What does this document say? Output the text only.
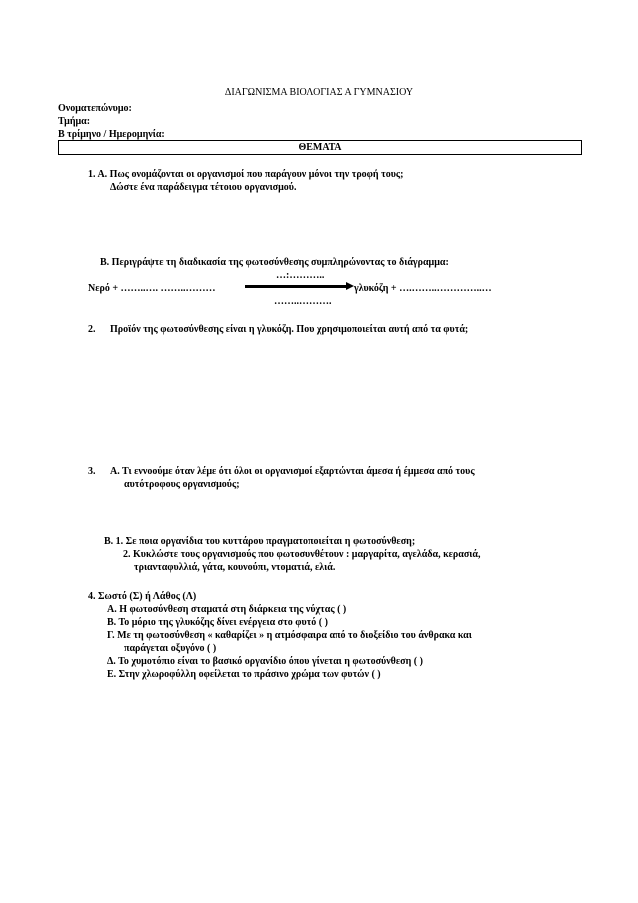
ΔΙΑΓΩΝΙΣΜΑ ΒΙΟΛΟΓΙΑΣ Α ΓΥΜΝΑΣΙΟΥ

Ονοματεπώνυμο:

Τμήμα:

Β τρίμηνο / Ημερομηνία:

ΘΕΜΑΤΑ

1. Α. Πως ονομάζονται οι οργανισμοί που παράγουν μόνοι την τροφή τους;

Δώστε ένα παράδειγμα τέτοιου οργανισμού.

Β. Περιγράψτε τη διαδικασία της φωτοσύνθεσης συμπληρώνοντας το διάγραμμα:

…:………..

Νερό + ……..…. ……..………	γλυκόζη + ….……..…………..…

……..……….

2. Προϊόν της φωτοσύνθεσης είναι η γλυκόζη. Που χρησιμοποιείται αυτή από τα φυτά;

3. Α. Τι εννοούμε όταν λέμε ότι όλοι οι οργανισμοί εξαρτώνται άμεσα ή έμμεσα από τους

αυτότροφους οργανισμούς;

Β. 1. Σε ποια οργανίδια του κυττάρου πραγματοποιείται η φωτοσύνθεση;

2. Κυκλώστε τους οργανισμούς που φωτοσυνθέτουν : μαργαρίτα, αγελάδα, κερασιά,

τριανταφυλλιά, γάτα, κουνούπι, ντοματιά, ελιά.

4. Σωστό (Σ) ή Λάθος (Λ)

Α. Η φωτοσύνθεση σταματά στη διάρκεια της νύχτας ( )

Β. Το μόριο της γλυκόζης δίνει ενέργεια στο φυτό ( )

Γ. Με τη φωτοσύνθεση « καθαρίζει » η ατμόσφαιρα από το διοξείδιο του άνθρακα και

παράγεται οξυγόνο ( )

Δ. Το χυμοτόπιο είναι το βασικό οργανίδιο όπου γίνεται η φωτοσύνθεση ( )

Ε. Στην χλωροφύλλη οφείλεται το πράσινο χρώμα των φυτών ( )
